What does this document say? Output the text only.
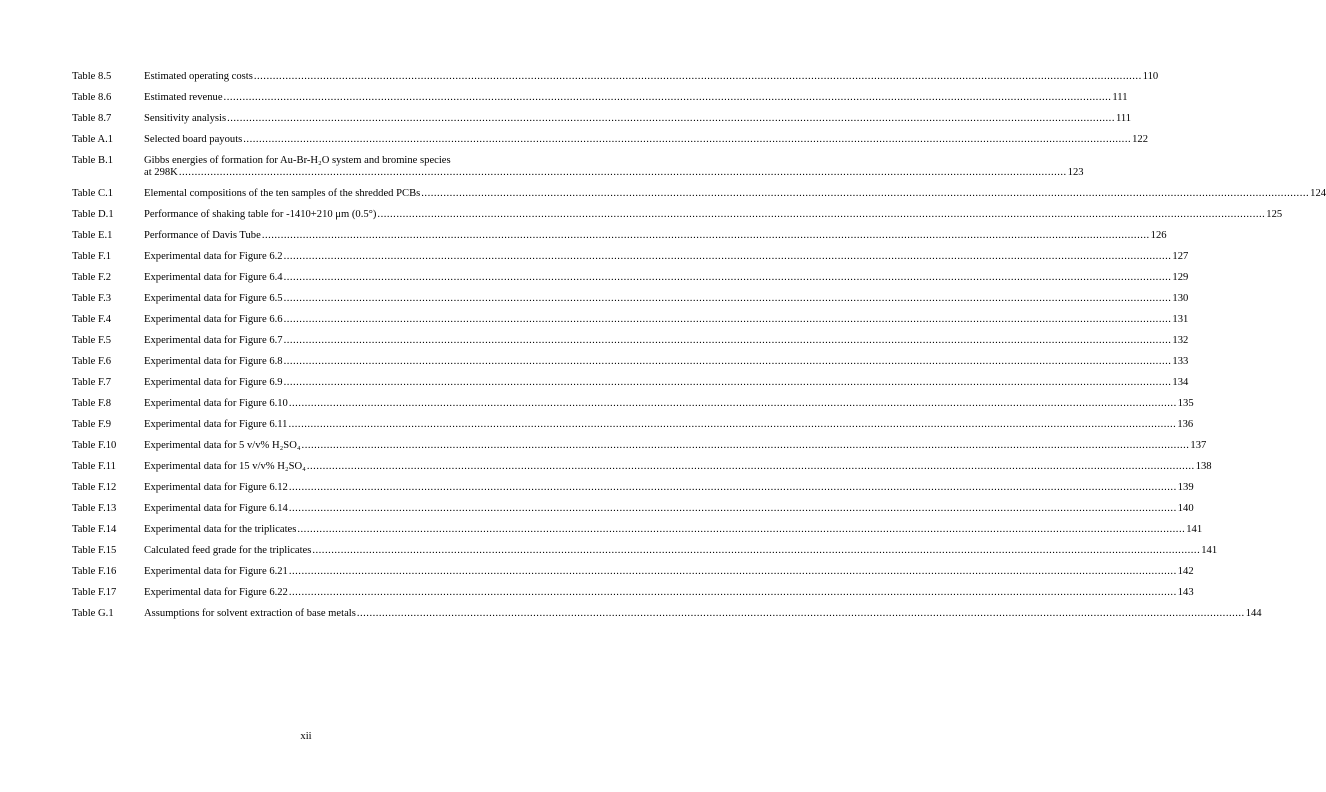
Table 8.5	Estimated operating costs .....	110
Table 8.6	Estimated revenue .....	111
Table 8.7	Sensitivity analysis .....	111
Table A.1	Selected board payouts .....	122
Table B.1	Gibbs energies of formation for Au-Br-H₂O system and bromine species
at 298K .....	123
Table C.1	Elemental compositions of the ten samples of the shredded PCBs .....	124
Table D.1	Performance of shaking table for -1410+210 μm (0.5°) .....	125
Table E.1	Performance of Davis Tube .....	126
Table F.1	Experimental data for Figure 6.2 .....	127
Table F.2	Experimental data for Figure 6.4 .....	129
Table F.3	Experimental data for Figure 6.5 .....	130
Table F.4	Experimental data for Figure 6.6 .....	131
Table F.5	Experimental data for Figure 6.7 .....	132
Table F.6	Experimental data for Figure 6.8 .....	133
Table F.7	Experimental data for Figure 6.9 .....	134
Table F.8	Experimental data for Figure 6.10 .....	135
Table F.9	Experimental data for Figure 6.11 .....	136
Table F.10	Experimental data for 5 v/v% H₂SO₄ .....	137
Table F.11	Experimental data for 15 v/v% H₂SO₄ .....	138
Table F.12	Experimental data for Figure 6.12 .....	139
Table F.13	Experimental data for Figure 6.14 .....	140
Table F.14	Experimental data for the triplicates .....	141
Table F.15	Calculated feed grade for the triplicates .....	141
Table F.16	Experimental data for Figure 6.21 .....	142
Table F.17	Experimental data for Figure 6.22 .....	143
Table G.1	Assumptions for solvent extraction of base metals .....	144
xii
